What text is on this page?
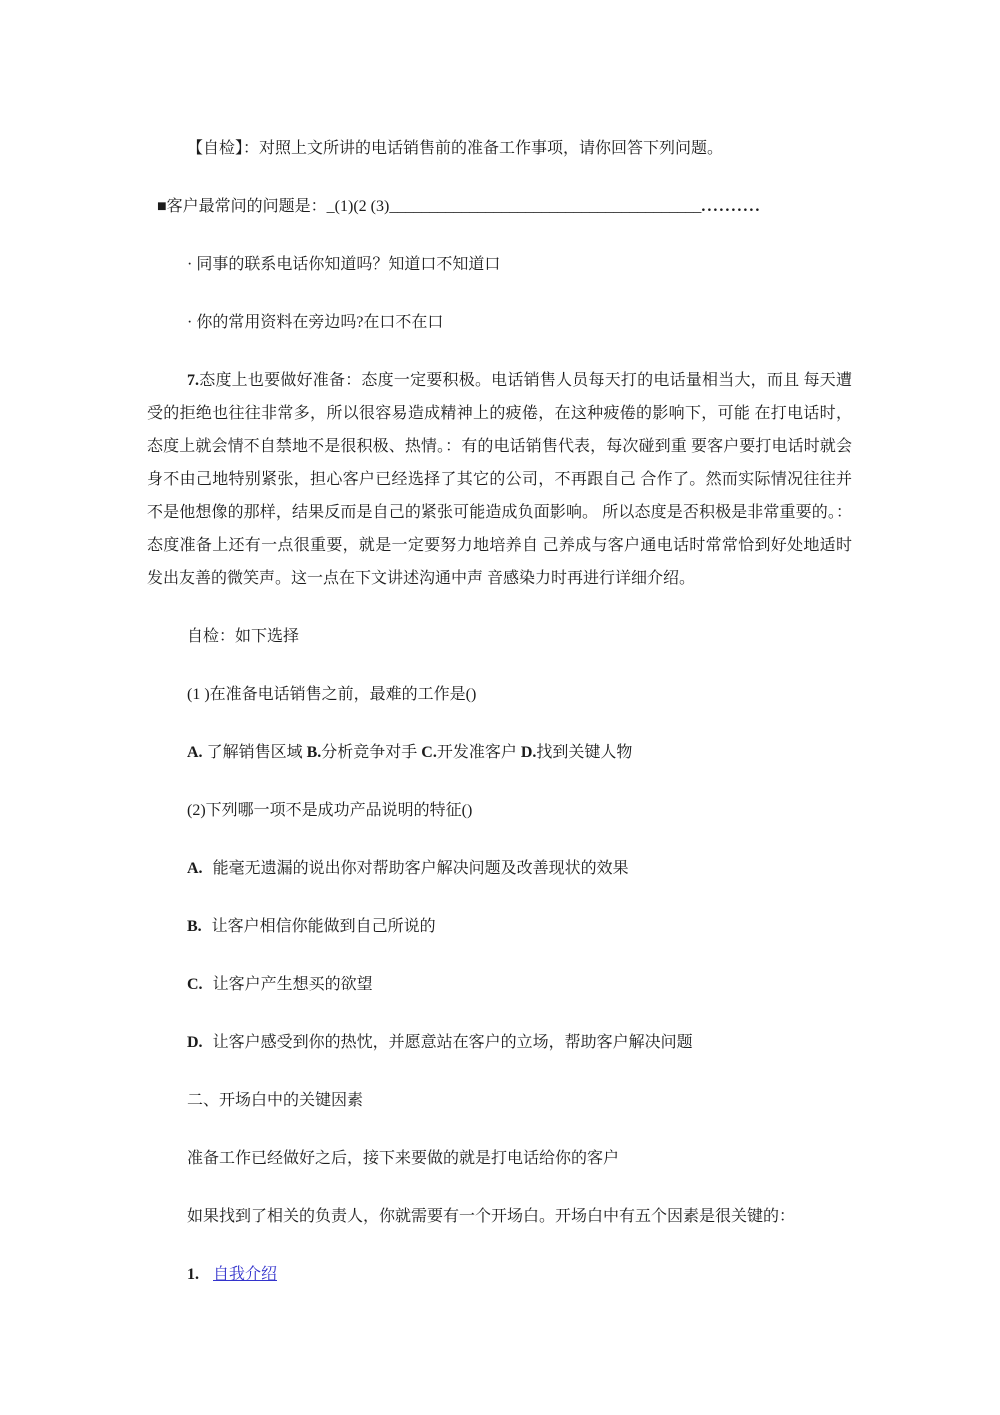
【自检】：对照上文所讲的电话销售前的准备工作事项，请你回答下列问题。

■客户最常问的问题是：_(1)(2 (3)_______________________________________..........

· 同事的联系电话你知道吗？知道口不知道口

· 你的常用资料在旁边吗?在口不在口

7.态度上也要做好准备：态度一定要积极。电话销售人员每天打的电话量相当大，而且 每天遭受的拒绝也往往非常多，所以很容易造成精神上的疲倦，在这种疲倦的影响下，可能 在打电话时，态度上就会情不自禁地不是很积极、热情。：有的电话销售代表，每次碰到重 要客户要打电话时就会身不由己地特别紧张，担心客户已经选择了其它的公司，不再跟自己 合作了。然而实际情况往往并不是他想像的那样，结果反而是自己的紧张可能造成负面影响。 所以态度是否积极是非常重要的。：态度准备上还有一点很重要，就是一定要努力地培养自 己养成与客户通电话时常常恰到好处地适时发出友善的微笑声。这一点在下文讲述沟通中声 音感染力时再进行详细介绍。

自检：如下选择

(1 )在准备电话销售之前，最难的工作是()

A. 了解销售区域 B.分析竞争对手 C.开发准客户 D.找到关键人物

(2)下列哪一项不是成功产品说明的特征()

A. 能毫无遗漏的说出你对帮助客户解决问题及改善现状的效果

B. 让客户相信你能做到自己所说的

C. 让客户产生想买的欲望

D. 让客户感受到你的热忱，并愿意站在客户的立场，帮助客户解决问题

二、开场白中的关键因素

准备工作已经做好之后，接下来要做的就是打电话给你的客户

如果找到了相关的负责人，你就需要有一个开场白。开场白中有五个因素是很关键的：

1. 自我介绍
